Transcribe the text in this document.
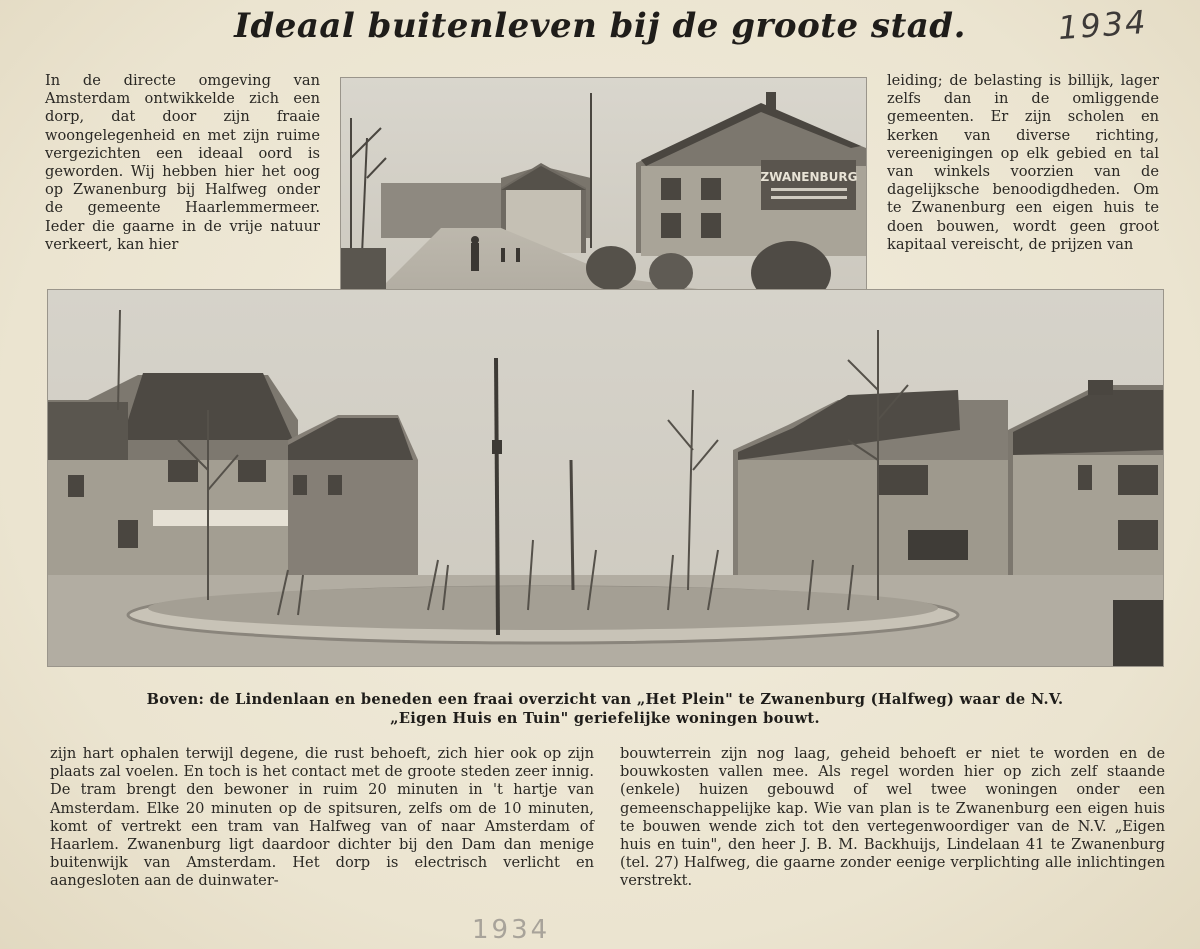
Ideaal buitenleven bij de groote stad.	1934

In de directe omgeving van Amsterdam ontwikkelde zich een dorp, dat door zijn fraaie woongelegenheid en met zijn ruime vergezichten een ideaal oord is geworden. Wij hebben hier het oog op Zwanenburg bij Halfweg onder de gemeente Haarlemmermeer. Ieder die gaarne in de vrije natuur verkeert, kan hier

leiding; de belasting is billijk, lager zelfs dan in de omliggende gemeenten. Er zijn scholen en kerken van diverse richting, vereenigingen op elk gebied en tal van winkels voorzien van de dagelijksche benoodigdheden. Om te Zwanenburg een eigen huis te doen bouwen, wordt geen groot kapitaal vereischt, de prijzen van

ZWANENBURG
Boven: de Lindenlaan en beneden een fraai overzicht van „Het Plein" te Zwanenburg (Halfweg) waar de N.V.
„Eigen Huis en Tuin" geriefelijke woningen bouwt.

zijn hart ophalen terwijl degene, die rust behoeft, zich hier ook op zijn plaats zal voelen. En toch is het contact met de groote steden zeer innig. De tram brengt den bewoner in ruim 20 minuten in 't hartje van Amsterdam. Elke 20 minuten op de spitsuren, zelfs om de 10 minuten, komt of vertrekt een tram van Halfweg van of naar Amsterdam of Haarlem. Zwanenburg ligt daardoor dichter bij den Dam dan menige buitenwijk van Amsterdam. Het dorp is electrisch verlicht en aangesloten aan de duinwater-

bouwterrein zijn nog laag, geheid behoeft er niet te worden en de bouwkosten vallen mee. Als regel worden hier op zich zelf staande (enkele) huizen gebouwd of wel twee woningen onder een gemeenschappelijke kap. Wie van plan is te Zwanenburg een eigen huis te bouwen wende zich tot den vertegenwoordiger van de N.V. „Eigen huis en tuin", den heer J. B. M. Backhuijs, Lindelaan 41 te Zwanenburg (tel. 27) Halfweg, die gaarne zonder eenige verplichting alle inlichtingen verstrekt.

1934
